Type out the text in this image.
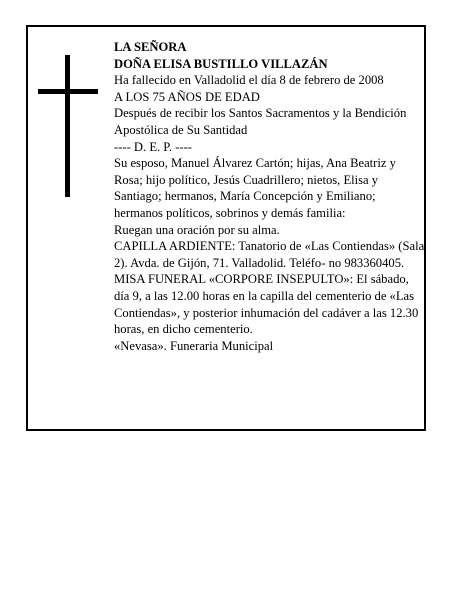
LA SEÑORA

DOÑA ELISA BUSTILLO VILLAZÁN

Ha fallecido en Valladolid el día 8 de febrero de 2008

A LOS 75 AÑOS DE EDAD

Después de recibir los Santos Sacramentos y la Bendición Apostólica de Su Santidad

---- D. E. P. ----

Su esposo, Manuel Álvarez Cartón; hijas, Ana Beatriz y Rosa; hijo político, Jesús Cuadrillero; nietos, Elisa y Santiago; hermanos, María Concepción y Emiliano; hermanos políticos, sobrinos y demás familia:

Ruegan una oración por su alma.

CAPILLA ARDIENTE: Tanatorio de «Las Contiendas» (Sala 2). Avda. de Gijón, 71. Valladolid. Teléfo- no 983360405.

MISA FUNERAL «CORPORE INSEPULTO»: El sábado, día 9, a las 12.00 horas en la capilla del cementerio de «Las Contiendas», y posterior inhumación del cadáver a las 12.30 horas, en dicho cementerio.

«Nevasa». Funeraria Municipal
